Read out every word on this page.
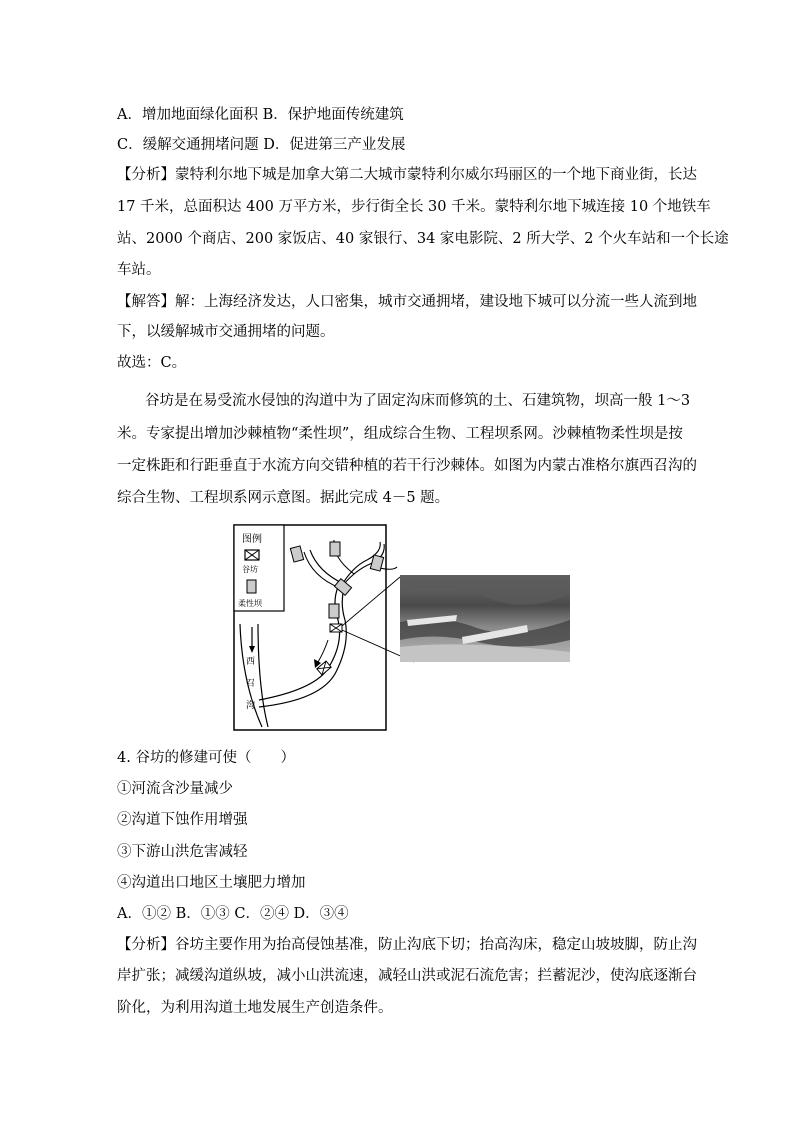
A．增加地面绿化面积 B．保护地面传统建筑
C．缓解交通拥堵问题 D．促进第三产业发展
【分析】蒙特利尔地下城是加拿大第二大城市蒙特利尔威尔玛丽区的一个地下商业街，长达
17 千米，总面积达 400 万平方米，步行街全长 30 千米。蒙特利尔地下城连接 10 个地铁车
站、2000 个商店、200 家饭店、40 家银行、34 家电影院、2 所大学、2 个火车站和一个长途
车站。
【解答】解：上海经济发达，人口密集，城市交通拥堵，建设地下城可以分流一些人流到地
下，以缓解城市交通拥堵的问题。
故选：C。
谷坊是在易受流水侵蚀的沟道中为了固定沟床而修筑的土、石建筑物，坝高一般 1～3
米。专家提出增加沙棘植物“柔性坝”，组成综合生物、工程坝系网。沙棘植物柔性坝是按
一定株距和行距垂直于水流方向交错种植的若干行沙棘体。如图为内蒙古准格尔旗西召沟的
综合生物、工程坝系网示意图。据此完成 4－5 题。
图例
谷坊
柔性坝
西
召
沟
4. 谷坊的修建可使（　　）
①河流含沙量减少
②沟道下蚀作用增强
③下游山洪危害减轻
④沟道出口地区土壤肥力增加
A．①② B．①③ C．②④ D．③④
【分析】谷坊主要作用为抬高侵蚀基准，防止沟底下切；抬高沟床，稳定山坡坡脚，防止沟
岸扩张；减缓沟道纵坡，减小山洪流速，减轻山洪或泥石流危害；拦蓄泥沙，使沟底逐渐台
阶化，为利用沟道土地发展生产创造条件。
